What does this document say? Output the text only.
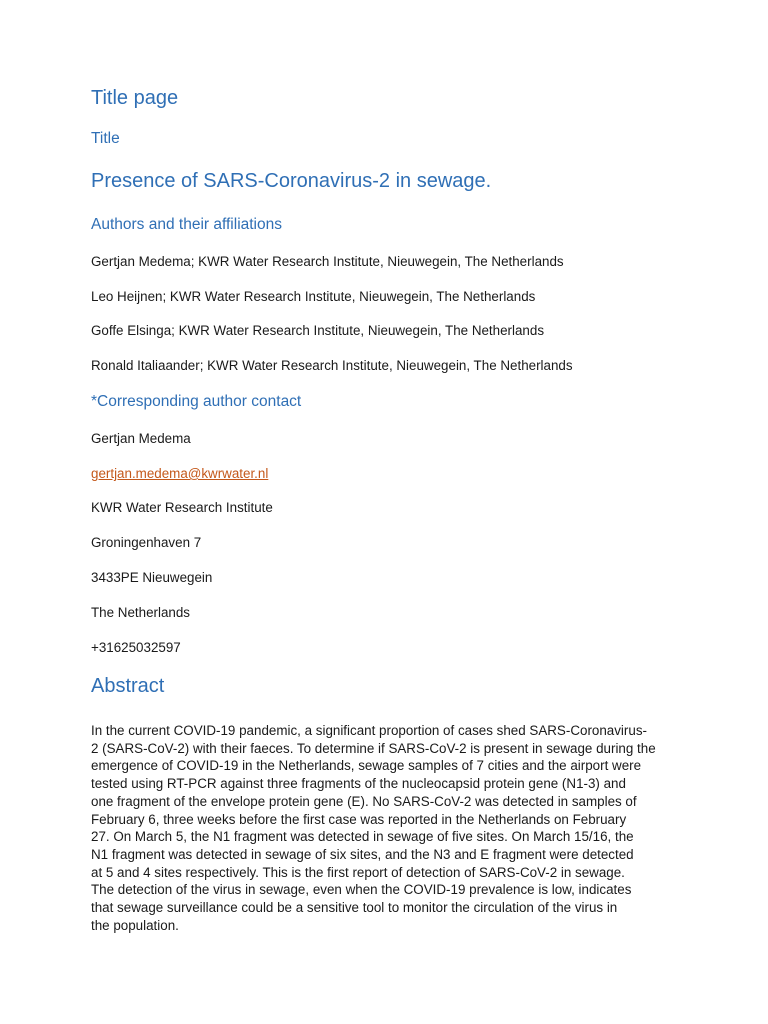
Title page
Title
Presence of SARS-Coronavirus-2 in sewage.
Authors and their affiliations
Gertjan Medema; KWR Water Research Institute, Nieuwegein, The Netherlands
Leo Heijnen; KWR Water Research Institute, Nieuwegein, The Netherlands
Goffe Elsinga; KWR Water Research Institute, Nieuwegein, The Netherlands
Ronald Italiaander; KWR Water Research Institute, Nieuwegein, The Netherlands
*Corresponding author contact
Gertjan Medema
gertjan.medema@kwrwater.nl
KWR Water Research Institute
Groningenhaven 7
3433PE Nieuwegein
The Netherlands
+31625032597
Abstract
In the current COVID-19 pandemic, a significant proportion of cases shed SARS-Coronavirus-
2 (SARS-CoV-2) with their faeces. To determine if SARS-CoV-2 is present in sewage during the
emergence of COVID-19 in the Netherlands, sewage samples of 7 cities and the airport were
tested using RT-PCR against three fragments of the nucleocapsid protein gene (N1-3) and
one fragment of the envelope protein gene (E). No SARS-CoV-2 was detected in samples of
February 6, three weeks before the first case was reported in the Netherlands on February
27. On March 5, the N1 fragment was detected in sewage of five sites. On March 15/16, the
N1 fragment was detected in sewage of six sites, and the N3 and E fragment were detected
at 5 and 4 sites respectively. This is the first report of detection of SARS-CoV-2 in sewage.
The detection of the virus in sewage, even when the COVID-19 prevalence is low, indicates
that sewage surveillance could be a sensitive tool to monitor the circulation of the virus in
the population.
